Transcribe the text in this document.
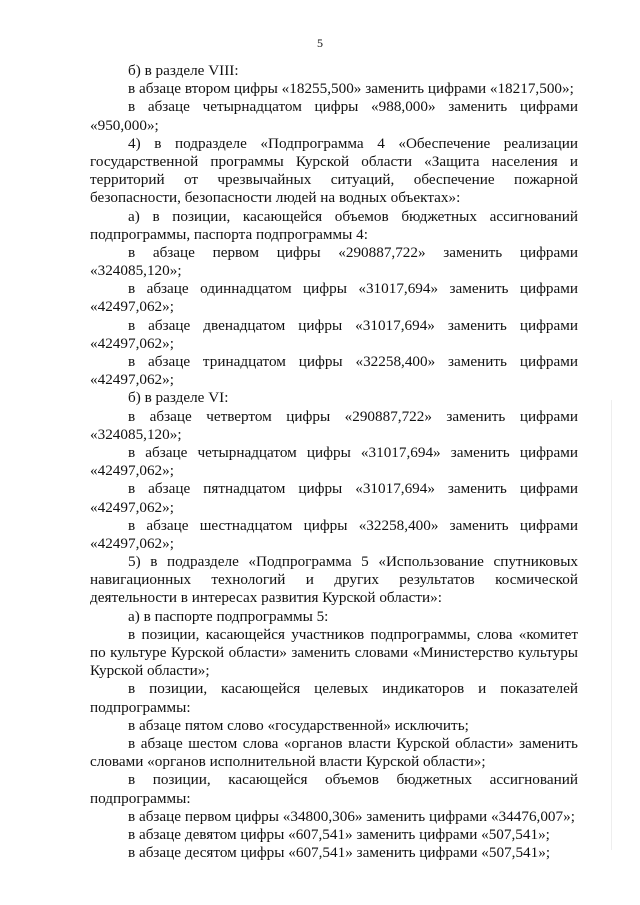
5
б) в разделе VIII:
в абзаце втором цифры «18255,500» заменить цифрами «18217,500»;
в абзаце четырнадцатом цифры «988,000» заменить цифрами
«950,000»;
4) в подразделе «Подпрограмма 4 «Обеспечение реализации
государственной программы Курской области «Защита населения и
территорий от чрезвычайных ситуаций, обеспечение пожарной
безопасности, безопасности людей на водных объектах»:
а) в позиции, касающейся объемов бюджетных ассигнований
подпрограммы, паспорта подпрограммы 4:
в абзаце первом цифры «290887,722» заменить цифрами
«324085,120»;
в абзаце одиннадцатом цифры «31017,694» заменить цифрами
«42497,062»;
в абзаце двенадцатом цифры «31017,694» заменить цифрами
«42497,062»;
в абзаце тринадцатом цифры «32258,400» заменить цифрами
«42497,062»;
б) в разделе VI:
в абзаце четвертом цифры «290887,722» заменить цифрами
«324085,120»;
в абзаце четырнадцатом цифры «31017,694» заменить цифрами
«42497,062»;
в абзаце пятнадцатом цифры «31017,694» заменить цифрами
«42497,062»;
в абзаце шестнадцатом цифры «32258,400» заменить цифрами
«42497,062»;
5) в подразделе «Подпрограмма 5 «Использование спутниковых
навигационных технологий и других результатов космической
деятельности в интересах развития Курской области»:
а) в паспорте подпрограммы 5:
в позиции, касающейся участников подпрограммы, слова «комитет
по культуре Курской области» заменить словами «Министерство культуры
Курской области»;
в позиции, касающейся целевых индикаторов и показателей
подпрограммы:
в абзаце пятом слово «государственной» исключить;
в абзаце шестом слова «органов власти Курской области» заменить
словами «органов исполнительной власти Курской области»;
в позиции, касающейся объемов бюджетных ассигнований
подпрограммы:
в абзаце первом цифры «34800,306» заменить цифрами «34476,007»;
в абзаце девятом цифры «607,541» заменить цифрами «507,541»;
в абзаце десятом цифры «607,541» заменить цифрами «507,541»;
